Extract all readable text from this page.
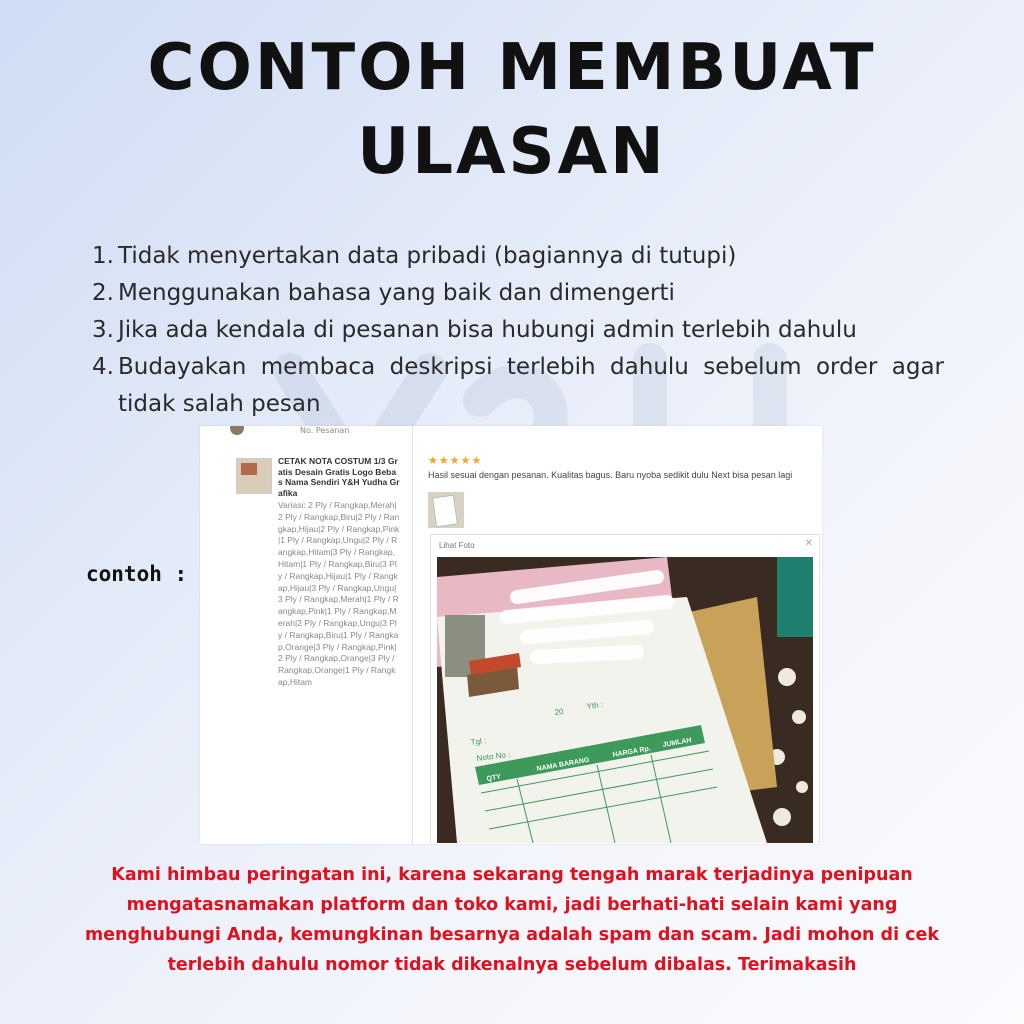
CONTOH MEMBUAT
ULASAN
1. Tidak menyertakan data pribadi (bagiannya di tutupi)
2. Menggunakan bahasa yang baik dan dimengerti
3. Jika ada kendala di pesanan bisa hubungi admin terlebih dahulu
4. Budayakan membaca deskripsi terlebih dahulu sebelum order agar tidak salah pesan
contoh :
No. Pesanan
CETAK NOTA COSTUM 1/3 Gratis Desain Gratis Logo Bebas Nama Sendiri Y&H Yudha Grafika
Variasi: 2 Ply / Rangkap,Merah|2 Ply / Rangkap,Biru|2 Ply / Rangkap,Hijau|2 Ply / Rangkap,Pink|1 Ply / Rangkap,Ungu|2 Ply / Rangkap,Hitam|3 Ply / Rangkap,Hitam|1 Ply / Rangkap,Biru|3 Ply / Rangkap,Hijau|1 Ply / Rangkap,Hijau|3 Ply / Rangkap,Ungu|3 Ply / Rangkap,Merah|1 Ply / Rangkap,Pink|1 Ply / Rangkap,Merah|2 Ply / Rangkap,Ungu|3 Ply / Rangkap,Biru|1 Ply / Rangkap,Orange|3 Ply / Rangkap,Pink|2 Ply / Rangkap,Orange|3 Ply / Rangkap,Orange|1 Ply / Rangkap,Hitam
★★★★★
Hasil sesuai dengan pesanan. Kualitas bagus. Baru nyoba sedikit dulu Next bisa pesan lagi
Lihat Foto	✕
Tgl :
Noto No :
20
Yth :
QTY
NAMA BARANG
HARGA Rp.
JUMLAH
Kami himbau peringatan ini, karena sekarang tengah marak terjadinya penipuan mengatasnamakan platform dan toko kami, jadi berhati-hati selain kami yang menghubungi Anda, kemungkinan besarnya adalah spam dan scam. Jadi mohon di cek terlebih dahulu nomor tidak dikenalnya sebelum dibalas. Terimakasih
